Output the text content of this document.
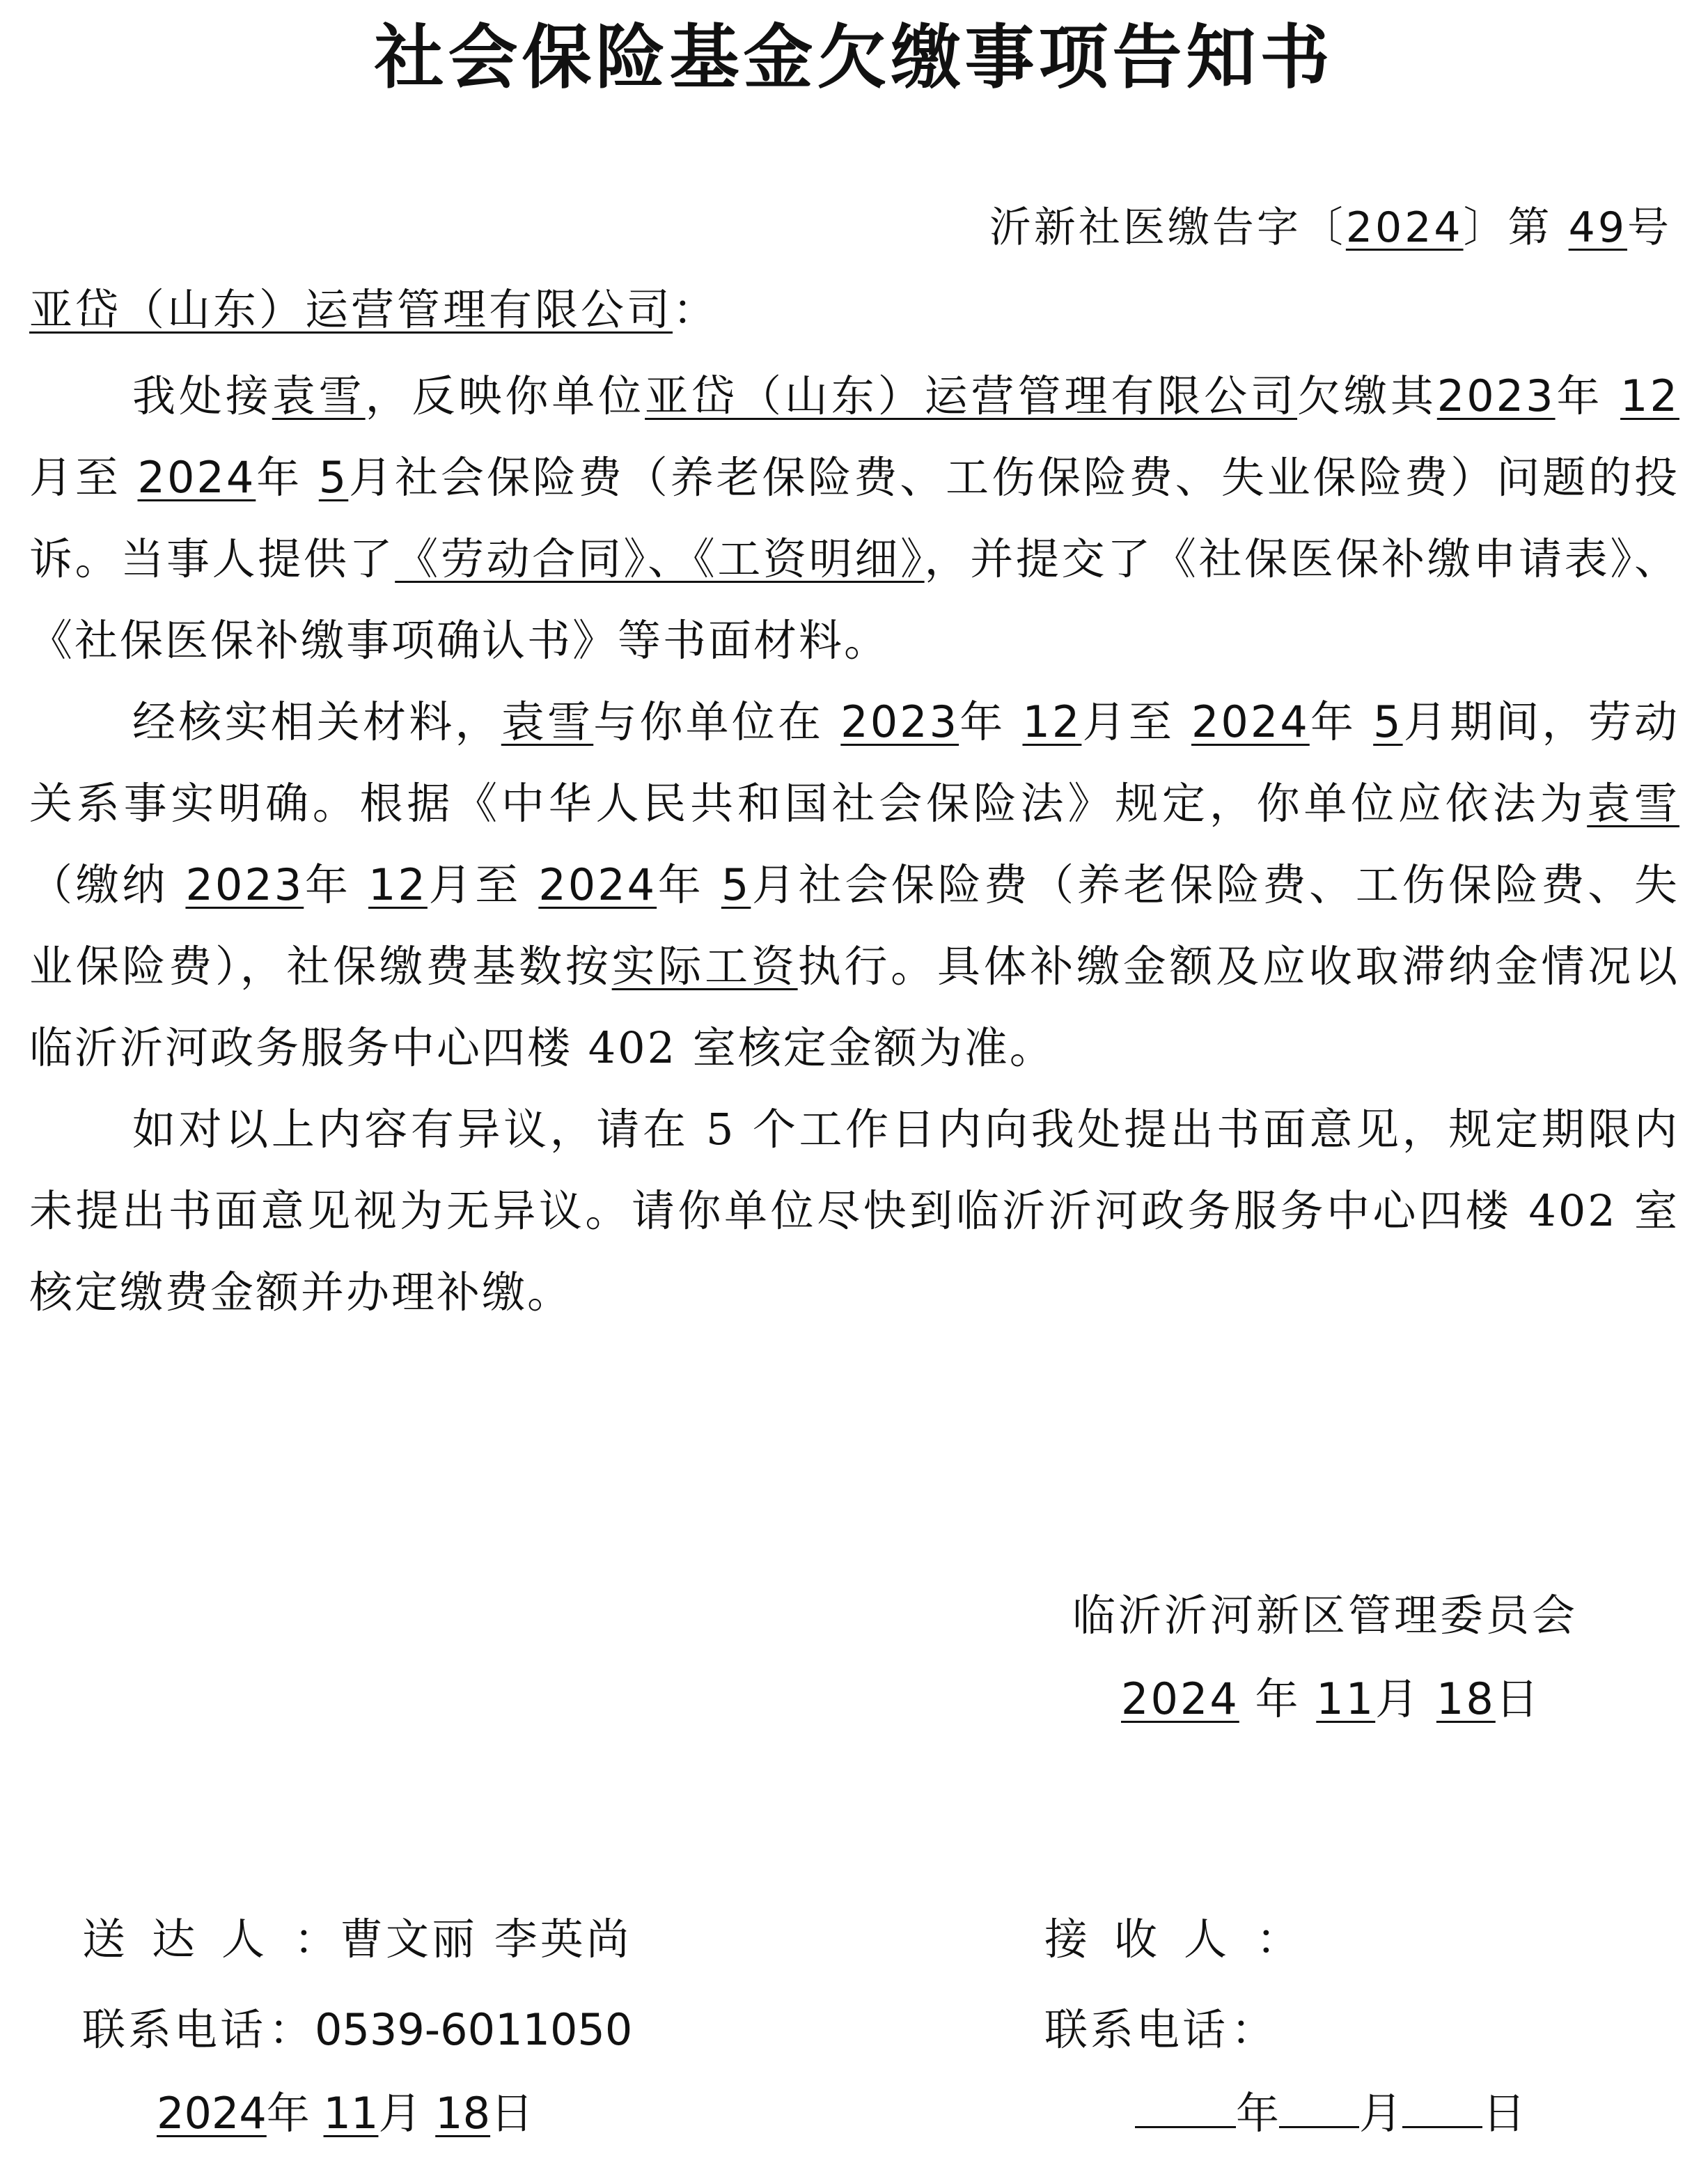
社会保险基金欠缴事项告知书
沂新社医缴告字〔2024〕第 49号
亚岱（山东）运营管理有限公司：

我处接袁雪，反映你单位亚岱（山东）运营管理有限公司欠缴其2023年 12月至 2024年 5月社会保险费（养老保险费、工伤保险费、失业保险费）问题的投诉。当事人提供了《劳动合同》、《工资明细》，并提交了《社保医保补缴申请表》、《社保医保补缴事项确认书》等书面材料。

经核实相关材料，袁雪与你单位在 2023年 12月至 2024年 5月期间，劳动关系事实明确。根据《中华人民共和国社会保险法》规定，你单位应依法为袁雪（缴纳 2023年 12月至 2024年 5月社会保险费（养老保险费、工伤保险费、失业保险费），社保缴费基数按实际工资执行。具体补缴金额及应收取滞纳金情况以临沂沂河政务服务中心四楼 402 室核定金额为准。

如对以上内容有异议，请在 5 个工作日内向我处提出书面意见，规定期限内未提出书面意见视为无异议。请你单位尽快到临沂沂河政务服务中心四楼 402 室核定缴费金额并办理补缴。

临沂沂河新区管理委员会
2024 年 11月 18日
送达人：曹文丽 李英尚
联系电话：0539-6011050
2024年 11月 18日
接收人：
联系电话：
年 月 日
